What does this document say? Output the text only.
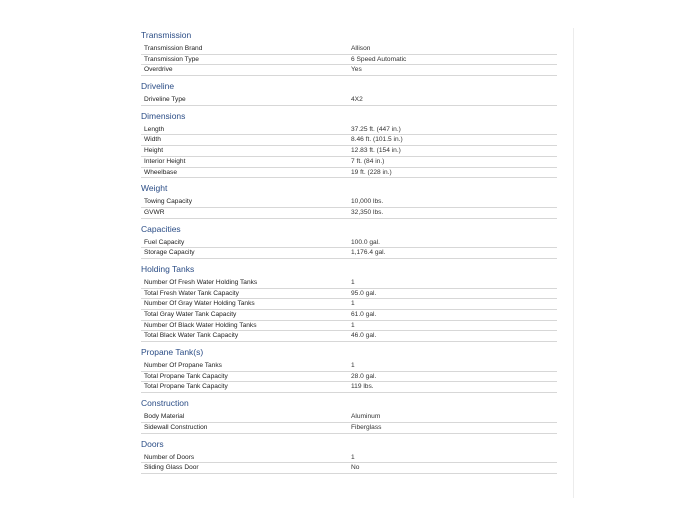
Transmission
Transmission Brand	Allison
Transmission Type	6 Speed Automatic
Overdrive	Yes
Driveline
Driveline Type	4X2
Dimensions
Length	37.25 ft. (447 in.)
Width	8.46 ft. (101.5 in.)
Height	12.83 ft. (154 in.)
Interior Height	7 ft. (84 in.)
Wheelbase	19 ft. (228 in.)
Weight
Towing Capacity	10,000 lbs.
GVWR	32,350 lbs.
Capacities
Fuel Capacity	100.0 gal.
Storage Capacity	1,176.4 gal.
Holding Tanks
Number Of Fresh Water Holding Tanks	1
Total Fresh Water Tank Capacity	95.0 gal.
Number Of Gray Water Holding Tanks	1
Total Gray Water Tank Capacity	61.0 gal.
Number Of Black Water Holding Tanks	1
Total Black Water Tank Capacity	46.0 gal.
Propane Tank(s)
Number Of Propane Tanks	1
Total Propane Tank Capacity	28.0 gal.
Total Propane Tank Capacity	119 lbs.
Construction
Body Material	Aluminum
Sidewall Construction	Fiberglass
Doors
Number of Doors	1
Sliding Glass Door	No
